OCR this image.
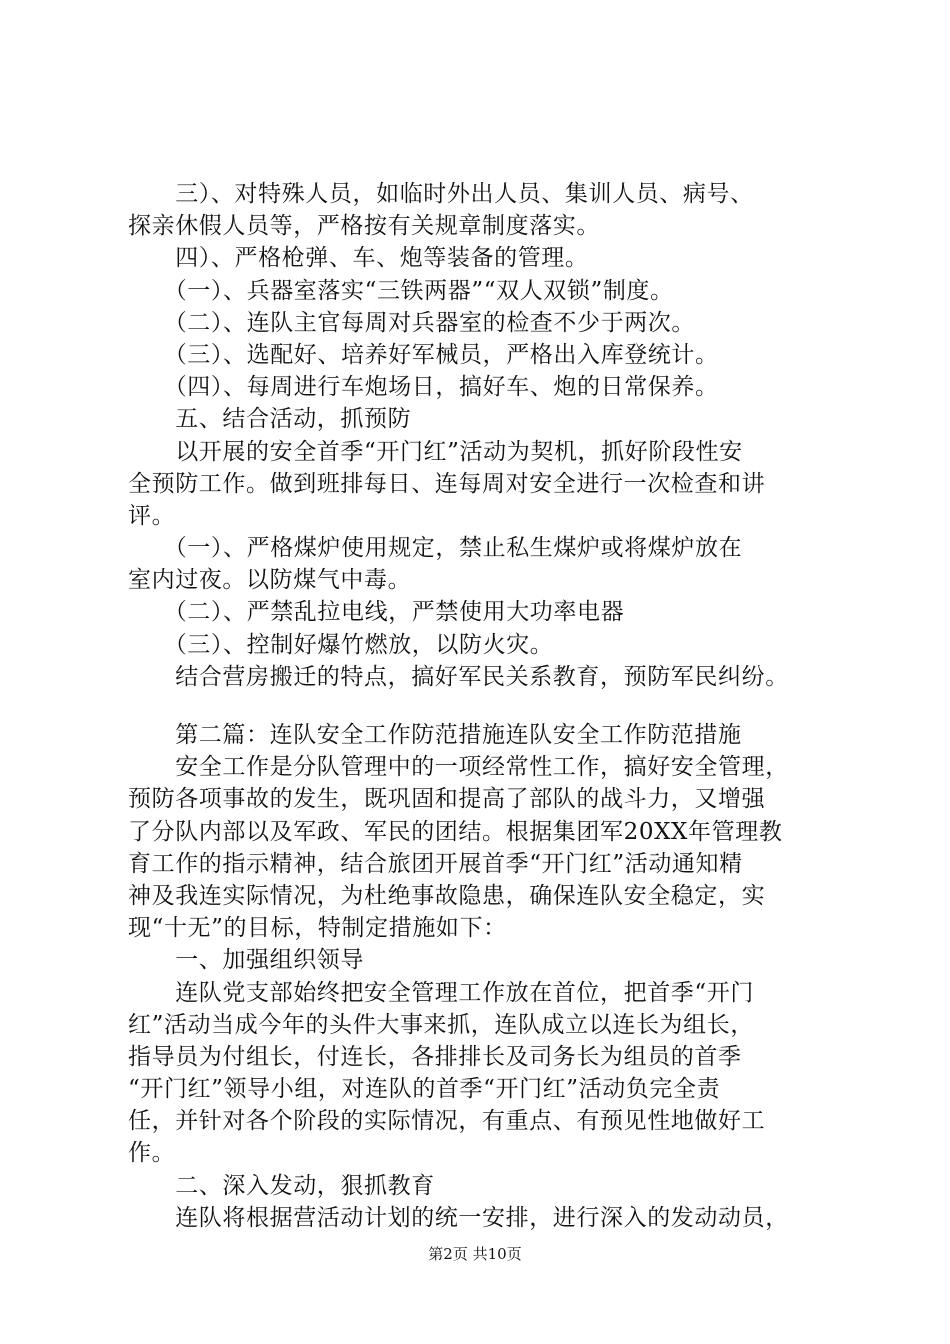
　　三）、对特殊人员，如临时外出人员、集训人员、病号、
探亲休假人员等，严格按有关规章制度落实。
　　四）、严格枪弹、车、炮等装备的管理。
　　（一）、兵器室落实“三铁两器”“双人双锁”制度。
　　（二）、连队主官每周对兵器室的检查不少于两次。
　　（三）、选配好、培养好军械员，严格出入库登统计。
　　（四）、每周进行车炮场日，搞好车、炮的日常保养。
　　五、结合活动，抓预防
　　以开展的安全首季“开门红”活动为契机，抓好阶段性安
全预防工作。做到班排每日、连每周对安全进行一次检查和讲
评。
　　（一）、严格煤炉使用规定，禁止私生煤炉或将煤炉放在
室内过夜。以防煤气中毒。
　　（二）、严禁乱拉电线，严禁使用大功率电器
　　（三）、控制好爆竹燃放，以防火灾。
　　结合营房搬迁的特点，搞好军民关系教育，预防军民纠纷。
　　第二篇：连队安全工作防范措施连队安全工作防范措施
　　安全工作是分队管理中的一项经常性工作，搞好安全管理，
预防各项事故的发生，既巩固和提高了部队的战斗力，又增强
了分队内部以及军政、军民的团结。根据集团军20XX年管理教
育工作的指示精神，结合旅团开展首季“开门红”活动通知精
神及我连实际情况，为杜绝事故隐患，确保连队安全稳定，实
现“十无”的目标，特制定措施如下：
　　一、加强组织领导
　　连队党支部始终把安全管理工作放在首位，把首季“开门
红”活动当成今年的头件大事来抓，连队成立以连长为组长，
指导员为付组长，付连长，各排排长及司务长为组员的首季
“开门红”领导小组，对连队的首季“开门红”活动负完全责
任，并针对各个阶段的实际情况，有重点、有预见性地做好工
作。
　　二、深入发动，狠抓教育
　　连队将根据营活动计划的统一安排，进行深入的发动动员，
第2页 共10页
